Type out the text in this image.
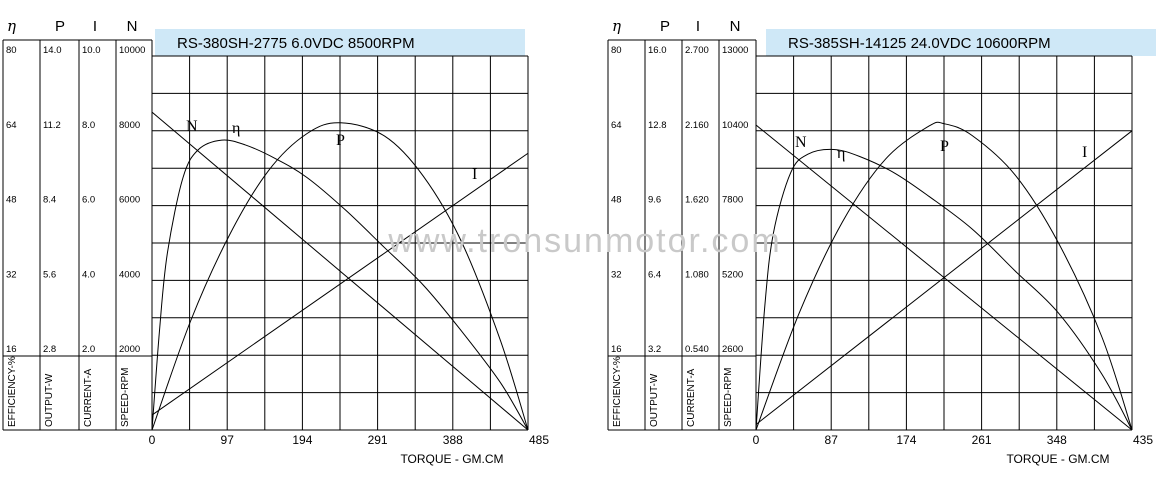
RS-380SH-2775 6.0VDC 8500RPM
η	P I N
80
64
48
32
16
14.0
11.2
8.4
5.6
2.8
10.0
8.0
6.0
4.0
2.0
10000
8000
6000
4000
2000
EFFICIENCY-%	OUTPUT-W	CURRENT-A	SPEED-RPM
0	97	194	291	388	485
TORQUE - GM.CM
N η
P
I
RS-385SH-14125 24.0VDC 10600RPM
η	P I N
80
64
48
32
16
16.0
12.8
9.6
6.4
3.2
2.700
2.160
1.620
1.080
0.540
13000
10400
7800
5200
2600
EFFICIENCY-%	OUTPUT-W	CURRENT-A	SPEED-RPM
0	87	174	261	348	435
TORQUE - GM.CM
N
η	P	I
www.tronsunmotor.com
